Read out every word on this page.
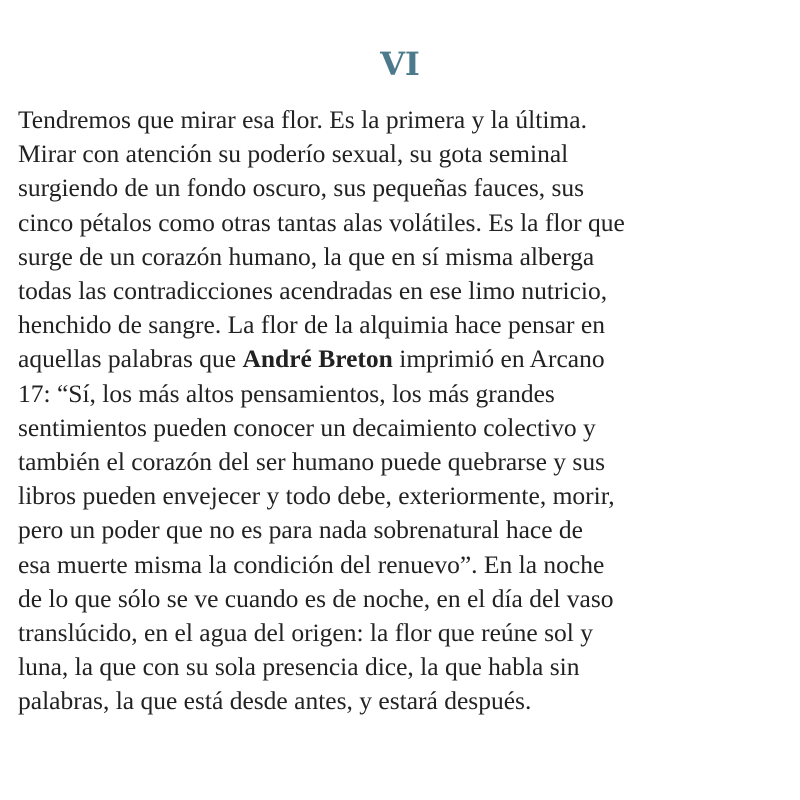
VI

Tendremos que mirar esa flor. Es la primera y la última.
Mirar con atención su poderío sexual, su gota seminal
surgiendo de un fondo oscuro, sus pequeñas fauces, sus
cinco pétalos como otras tantas alas volátiles. Es la flor que
surge de un corazón humano, la que en sí misma alberga
todas las contradicciones acendradas en ese limo nutricio,
henchido de sangre. La flor de la alquimia hace pensar en
aquellas palabras que André Breton imprimió en Arcano
17: “Sí, los más altos pensamientos, los más grandes
sentimientos pueden conocer un decaimiento colectivo y
también el corazón del ser humano puede quebrarse y sus
libros pueden envejecer y todo debe, exteriormente, morir,
pero un poder que no es para nada sobrenatural hace de
esa muerte misma la condición del renuevo”. En la noche
de lo que sólo se ve cuando es de noche, en el día del vaso
translúcido, en el agua del origen: la flor que reúne sol y
luna, la que con su sola presencia dice, la que habla sin
palabras, la que está desde antes, y estará después.
